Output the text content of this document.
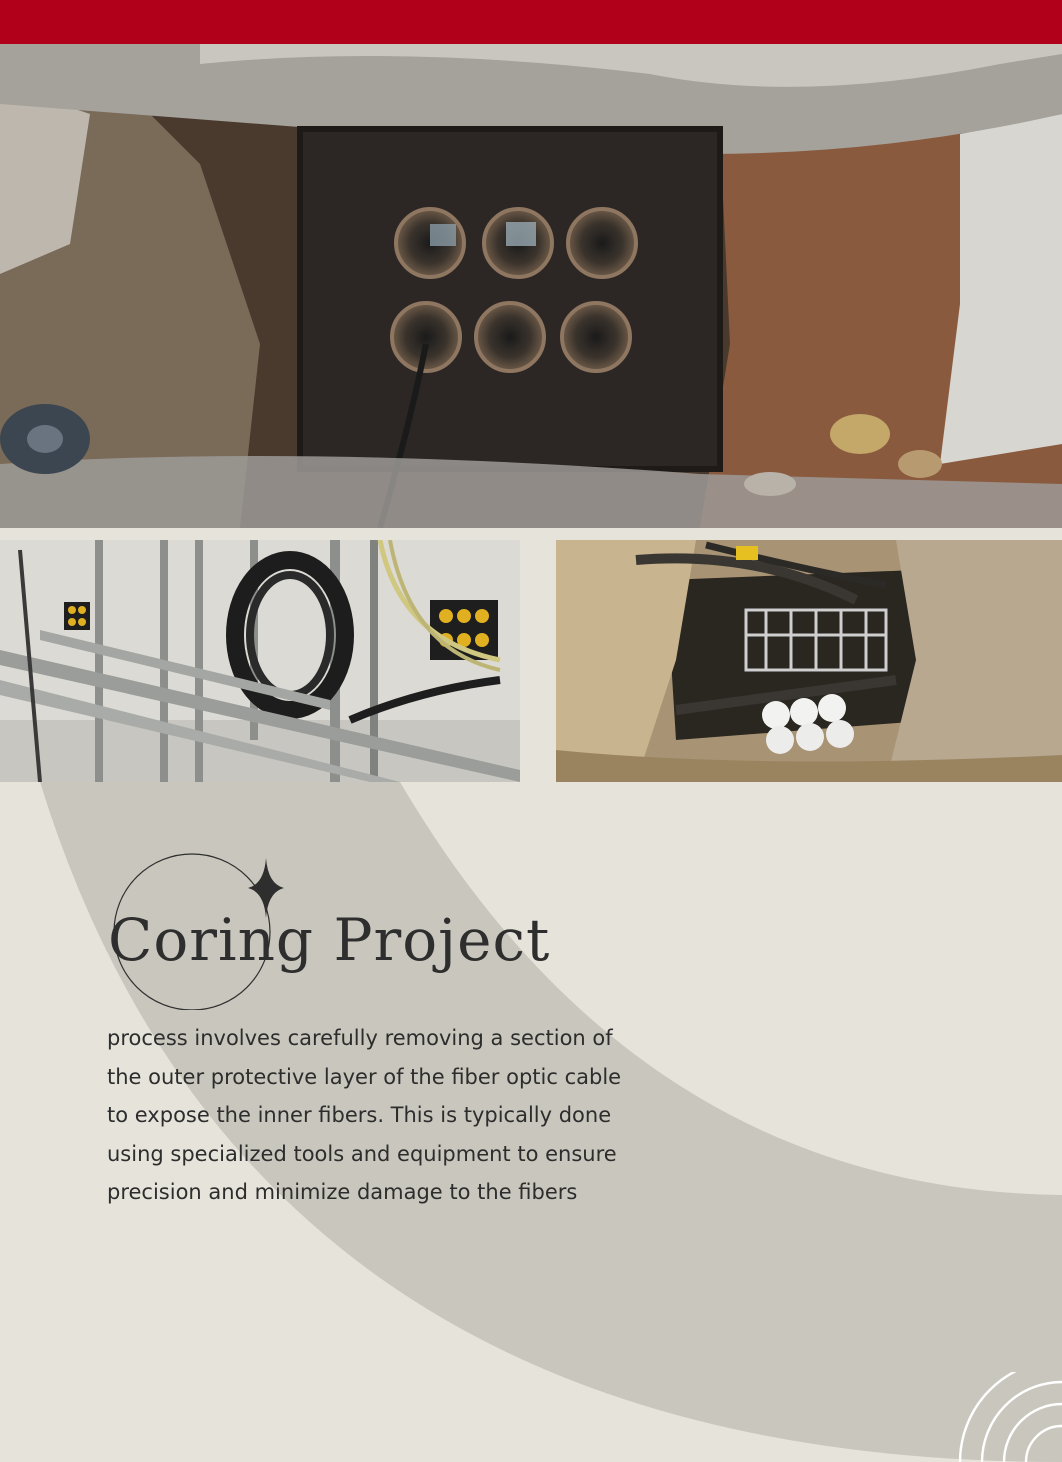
Coring Project

process involves carefully removing a section of the outer protective layer of the fiber optic cable to expose the inner fibers. This is typically done using specialized tools and equipment to ensure precision and minimize damage to the fibers
